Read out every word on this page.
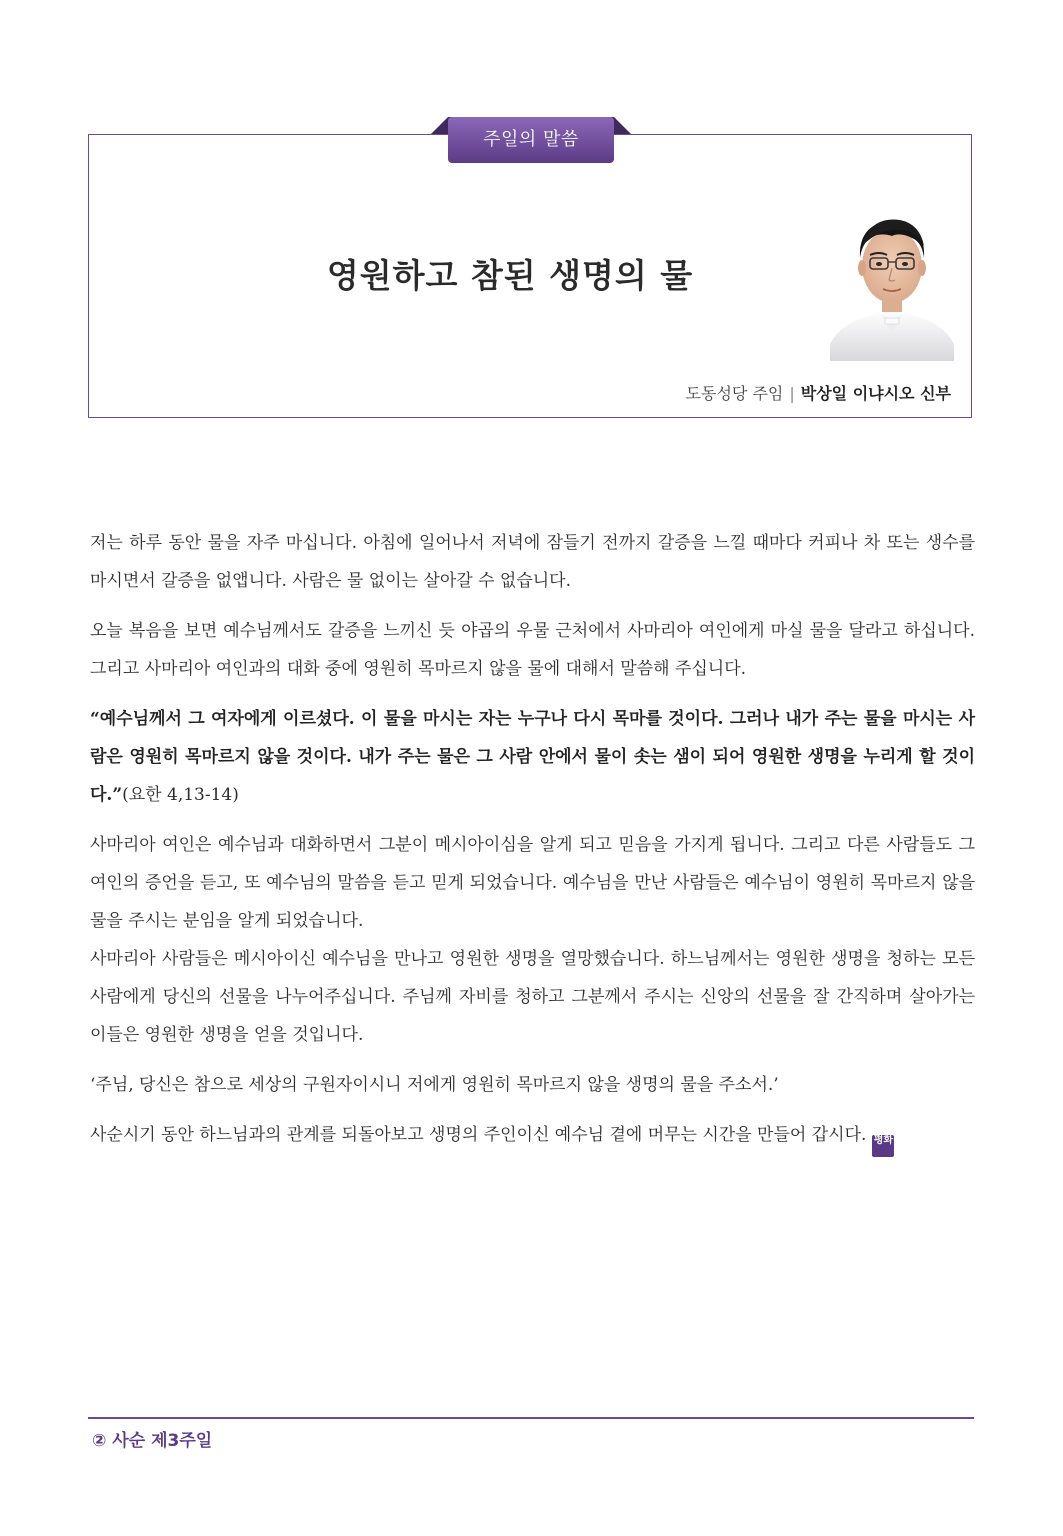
주일의 말씀
영원하고 참된 생명의 물
도동성당 주임 | 박상일 이냐시오 신부

저는 하루 동안 물을 자주 마십니다. 아침에 일어나서 저녁에 잠들기 전까지 갈증을 느낄 때마다 커피나 차 또는 생수를 마시면서 갈증을 없앱니다. 사람은 물 없이는 살아갈 수 없습니다.

오늘 복음을 보면 예수님께서도 갈증을 느끼신 듯 야곱의 우물 근처에서 사마리아 여인에게 마실 물을 달라고 하십니다. 그리고 사마리아 여인과의 대화 중에 영원히 목마르지 않을 물에 대해서 말씀해 주십니다.

“예수님께서 그 여자에게 이르셨다. 이 물을 마시는 자는 누구나 다시 목마를 것이다. 그러나 내가 주는 물을 마시는 사람은 영원히 목마르지 않을 것이다. 내가 주는 물은 그 사람 안에서 물이 솟는 샘이 되어 영원한 생명을 누리게 할 것이다.”(요한 4,13-14)

사마리아 여인은 예수님과 대화하면서 그분이 메시아이심을 알게 되고 믿음을 가지게 됩니다. 그리고 다른 사람들도 그 여인의 증언을 듣고, 또 예수님의 말씀을 듣고 믿게 되었습니다. 예수님을 만난 사람들은 예수님이 영원히 목마르지 않을 물을 주시는 분임을 알게 되었습니다.

사마리아 사람들은 메시아이신 예수님을 만나고 영원한 생명을 열망했습니다. 하느님께서는 영원한 생명을 청하는 모든 사람에게 당신의 선물을 나누어주십니다. 주님께 자비를 청하고 그분께서 주시는 신앙의 선물을 잘 간직하며 살아가는 이들은 영원한 생명을 얻을 것입니다.

‘주님, 당신은 참으로 세상의 구원자이시니 저에게 영원히 목마르지 않을 생명의 물을 주소서.’

사순시기 동안 하느님과의 관계를 되돌아보고 생명의 주인이신 예수님 곁에 머무는 시간을 만들어 갑시다. 평화

② 사순 제3주일
